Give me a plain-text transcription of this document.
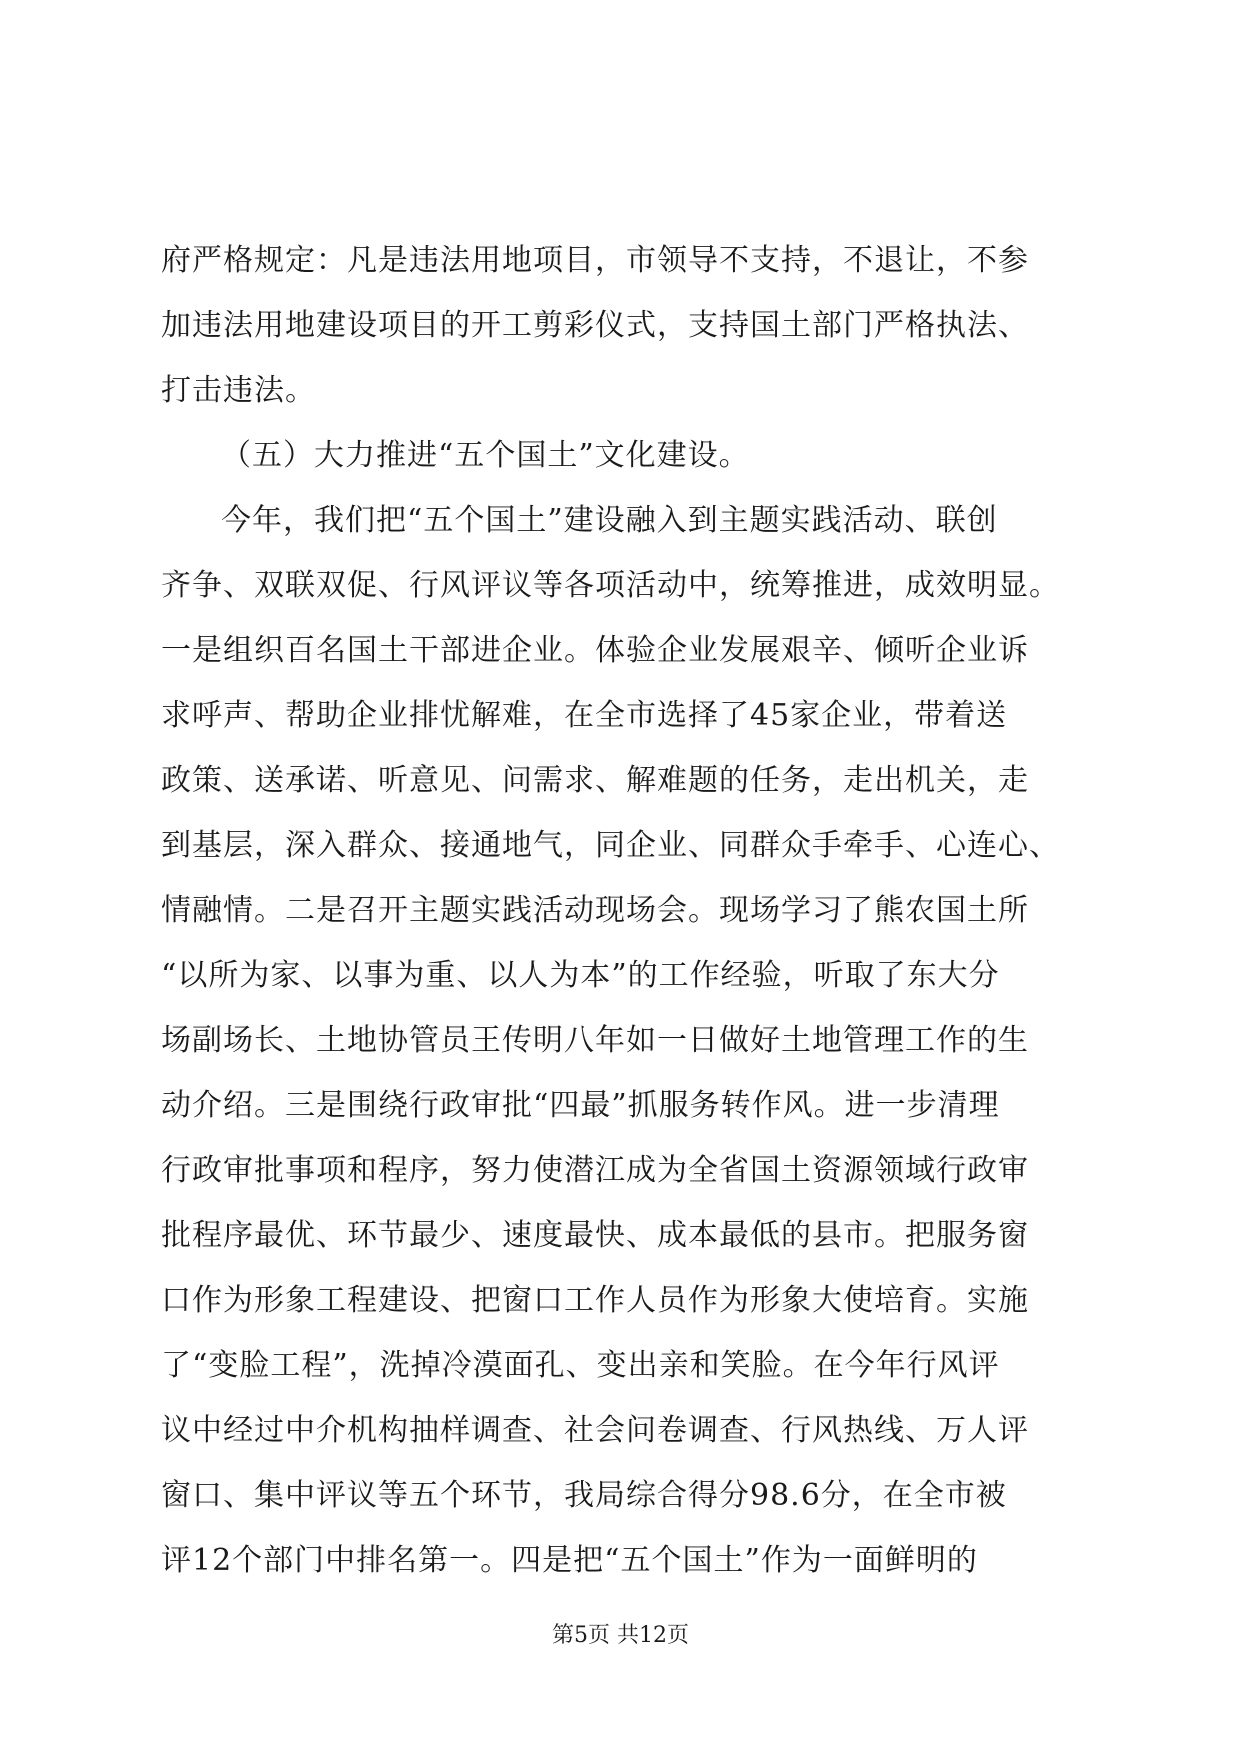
府严格规定：凡是违法用地项目，市领导不支持，不退让，不参
加违法用地建设项目的开工剪彩仪式，支持国土部门严格执法、
打击违法。
（五）大力推进“五个国土”文化建设。
今年，我们把“五个国土”建设融入到主题实践活动、联创
齐争、双联双促、行风评议等各项活动中，统筹推进，成效明显。
一是组织百名国土干部进企业。体验企业发展艰辛、倾听企业诉
求呼声、帮助企业排忧解难，在全市选择了45家企业，带着送
政策、送承诺、听意见、问需求、解难题的任务，走出机关，走
到基层，深入群众、接通地气，同企业、同群众手牵手、心连心、
情融情。二是召开主题实践活动现场会。现场学习了熊农国土所
“以所为家、以事为重、以人为本”的工作经验，听取了东大分
场副场长、土地协管员王传明八年如一日做好土地管理工作的生
动介绍。三是围绕行政审批“四最”抓服务转作风。进一步清理
行政审批事项和程序，努力使潜江成为全省国土资源领域行政审
批程序最优、环节最少、速度最快、成本最低的县市。把服务窗
口作为形象工程建设、把窗口工作人员作为形象大使培育。实施
了“变脸工程”，洗掉冷漠面孔、变出亲和笑脸。在今年行风评
议中经过中介机构抽样调查、社会问卷调查、行风热线、万人评
窗口、集中评议等五个环节，我局综合得分98.6分，在全市被
评12个部门中排名第一。四是把“五个国土”作为一面鲜明的
第5页 共12页
